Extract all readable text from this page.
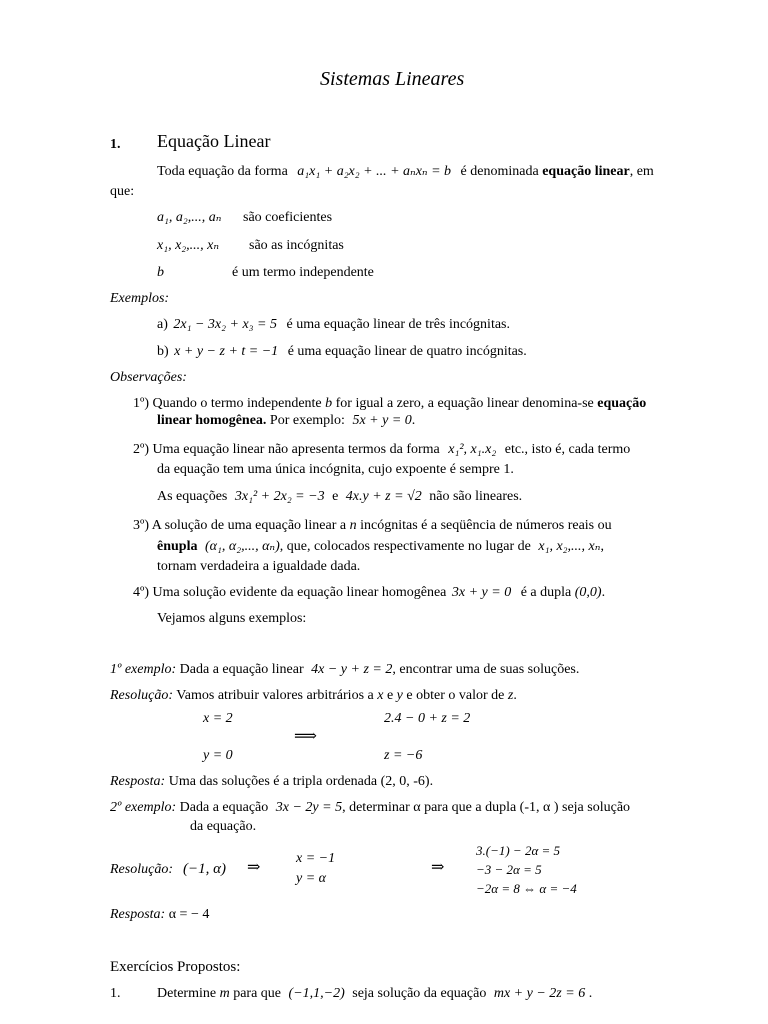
Sistemas Lineares
1. Equação Linear
Toda equação da forma a₁x₁ + a₂x₂ + ... + aₙxₙ = b é denominada equação linear, em
que:
a₁, a₂,..., aₙ são coeficientes
x₁, x₂,..., xₙ são as incógnitas
b	é um termo independente
Exemplos:
a) 2x₁ − 3x₂ + x₃ = 5 é uma equação linear de três incógnitas.
b) x + y − z + t = −1 é uma equação linear de quatro incógnitas.
Observações:
1º) Quando o termo independente b for igual a zero, a equação linear denomina-se equação
linear homogênea. Por exemplo: 5x + y = 0.
2º) Uma equação linear não apresenta termos da forma x₁², x₁.x₂ etc., isto é, cada termo
da equação tem uma única incógnita, cujo expoente é sempre 1.
As equações 3x₁² + 2x₂ = −3 e 4x.y + z = √2 não são lineares.
3º) A solução de uma equação linear a n incógnitas é a seqüência de números reais ou
ênupla (α₁, α₂,..., αₙ), que, colocados respectivamente no lugar de x₁, x₂,..., xₙ,
tornam verdadeira a igualdade dada.
4º) Uma solução evidente da equação linear homogênea 3x + y = 0 é a dupla (0,0).
Vejamos alguns exemplos:
1º exemplo: Dada a equação linear 4x − y + z = 2, encontrar uma de suas soluções.
Resolução: Vamos atribuir valores arbitrários a x e y e obter o valor de z.
x = 2
y = 0
⟹
2.4 − 0 + z = 2
z = −6
Resposta: Uma das soluções é a tripla ordenada (2, 0, -6).
2º exemplo: Dada a equação 3x − 2y = 5, determinar α para que a dupla (-1, α ) seja solução
da equação.
Resolução: (−1, α) ⇒
x = −1
y = α
⇒
3.(−1) − 2α = 5
−3 − 2α = 5
−2α = 8 ⇔ α = −4
Resposta: α = − 4
Exercícios Propostos:
1.	Determine m para que (−1,1,−2) seja solução da equação mx + y − 2z = 6 .
